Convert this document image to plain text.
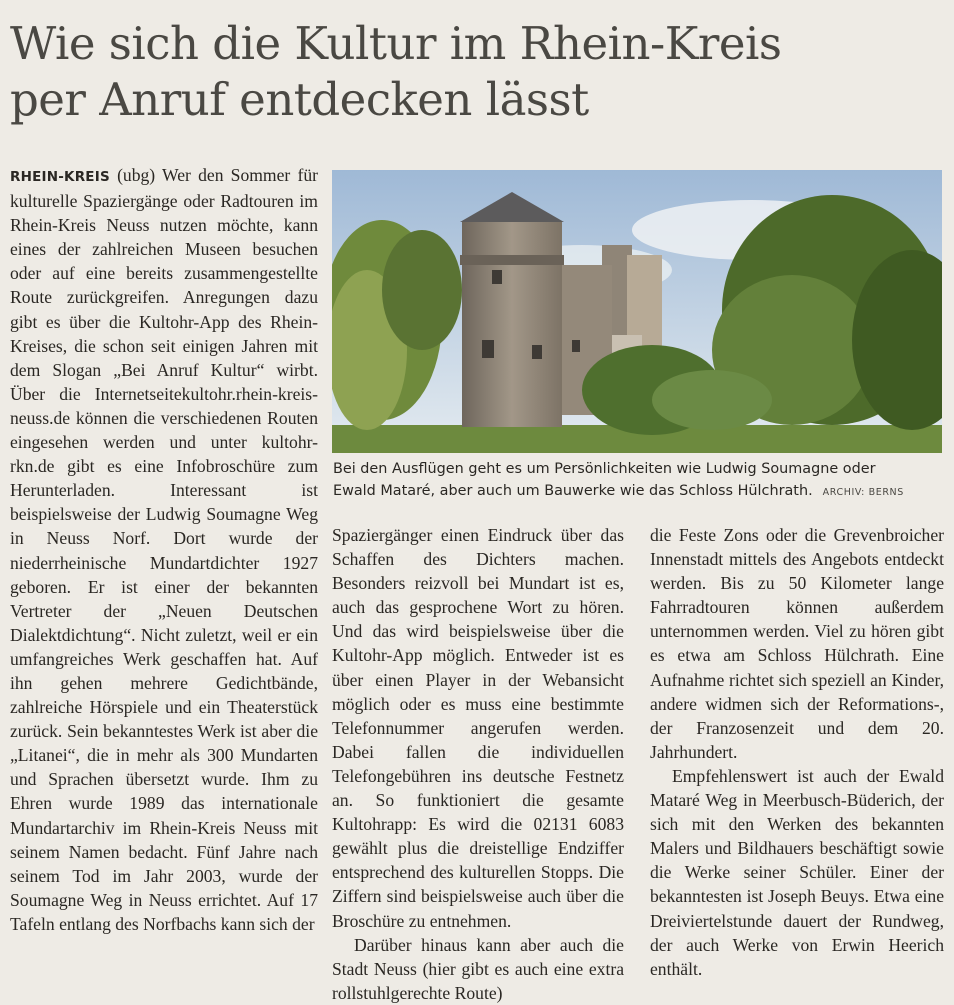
Wie sich die Kultur im Rhein-Kreis
per Anruf entdecken lässt

RHEIN-KREIS (ubg) Wer den Sommer für kulturelle Spaziergänge oder Radtouren im Rhein-Kreis Neuss nutzen möchte, kann eines der zahlreichen Museen besuchen oder auf eine bereits zusammengestellte Route zurückgreifen. Anregungen dazu gibt es über die Kultohr-App des Rhein-Kreises, die schon seit einigen Jahren mit dem Slogan „Bei Anruf Kultur“ wirbt. Über die Internetseitekultohr.rhein-kreis-neuss.de können die verschiedenen Routen eingesehen werden und unter kultohr-rkn.de gibt es eine Infobroschüre zum Herunterladen. Interessant ist beispielsweise der Ludwig Soumagne Weg in Neuss Norf. Dort wurde der niederrheinische Mundartdichter 1927 geboren. Er ist einer der bekannten Vertreter der „Neuen Deutschen Dialektdichtung“. Nicht zuletzt, weil er ein umfangreiches Werk geschaffen hat. Auf ihn gehen mehrere Gedichtbände, zahlreiche Hörspiele und ein Theaterstück zurück. Sein bekanntestes Werk ist aber die „Litanei“, die in mehr als 300 Mundarten und Sprachen übersetzt wurde. Ihm zu Ehren wurde 1989 das internationale Mundartarchiv im Rhein-Kreis Neuss mit seinem Namen bedacht. Fünf Jahre nach seinem Tod im Jahr 2003, wurde der Soumagne Weg in Neuss errichtet. Auf 17 Tafeln entlang des Norfbachs kann sich der

Bei den Ausflügen geht es um Persönlichkeiten wie Ludwig Soumagne oder
Ewald Mataré, aber auch um Bauwerke wie das Schloss Hülchrath. ARCHIV: BERNS

Spaziergänger einen Eindruck über das Schaffen des Dichters machen. Besonders reizvoll bei Mundart ist es, auch das gesprochene Wort zu hören. Und das wird beispielsweise über die Kultohr-App möglich. Entweder ist es über einen Player in der Webansicht möglich oder es muss eine bestimmte Telefonnummer angerufen werden. Dabei fallen die individuellen Telefongebühren ins deutsche Festnetz an. So funktioniert die gesamte Kultohrapp: Es wird die 02131 6083 gewählt plus die dreistellige Endziffer entsprechend des kulturellen Stopps. Die Ziffern sind beispielsweise auch über die Broschüre zu entnehmen.

Darüber hinaus kann aber auch die Stadt Neuss (hier gibt es auch eine extra rollstuhlgerechte Route)

die Feste Zons oder die Grevenbroicher Innenstadt mittels des Angebots entdeckt werden. Bis zu 50 Kilometer lange Fahrradtouren können außerdem unternommen werden. Viel zu hören gibt es etwa am Schloss Hülchrath. Eine Aufnahme richtet sich speziell an Kinder, andere widmen sich der Reformations-, der Franzosenzeit und dem 20. Jahrhundert.

Empfehlenswert ist auch der Ewald Mataré Weg in Meerbusch-Büderich, der sich mit den Werken des bekannten Malers und Bildhauers beschäftigt sowie die Werke seiner Schüler. Einer der bekanntesten ist Joseph Beuys. Etwa eine Dreiviertelstunde dauert der Rundweg, der auch Werke von Erwin Heerich enthält.
